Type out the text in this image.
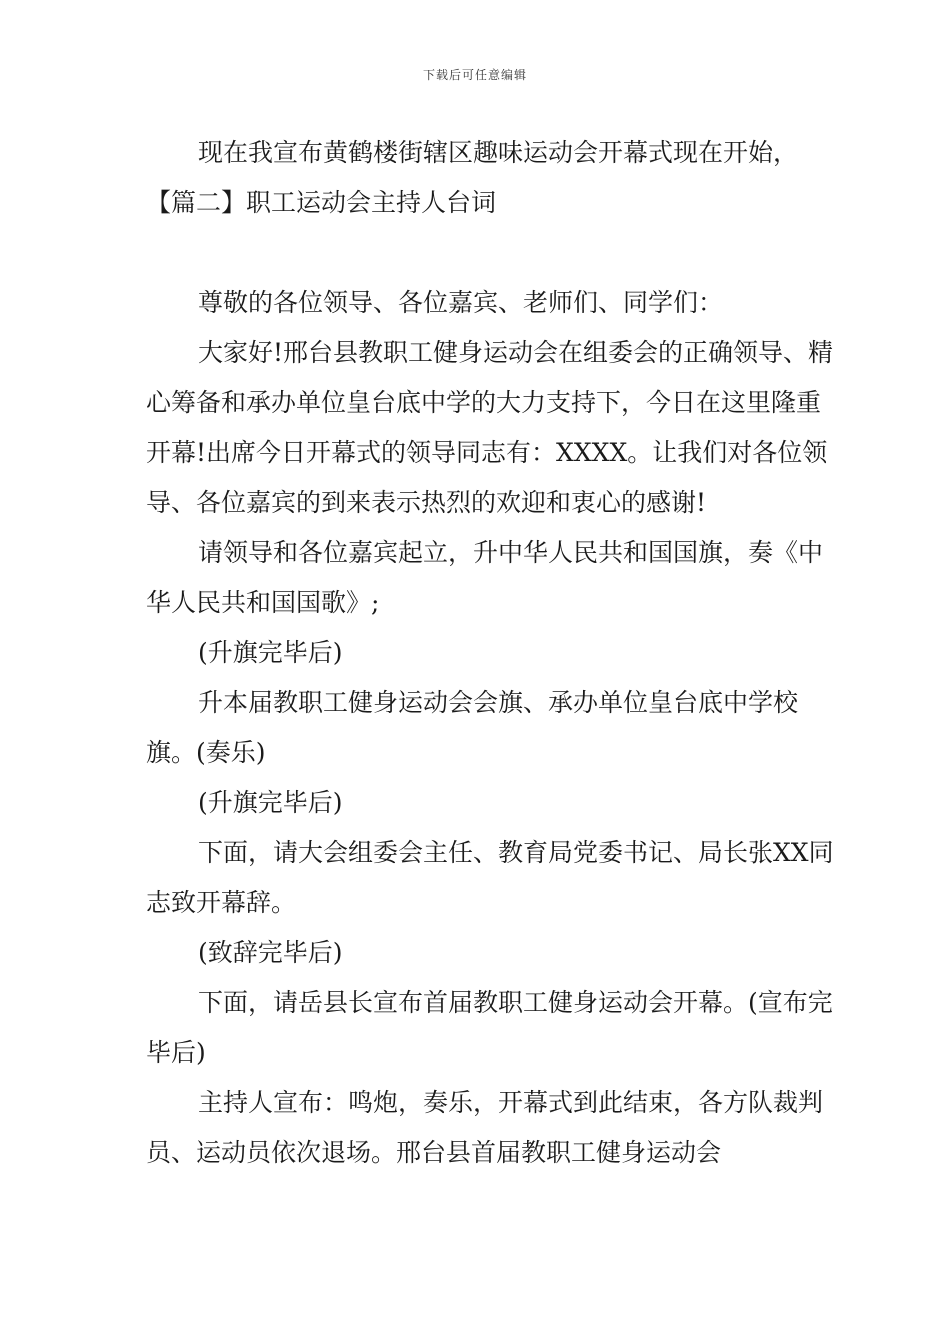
下载后可任意编辑

现在我宣布黄鹤楼街辖区趣味运动会开幕式现在开始，

【篇二】职工运动会主持人台词

尊敬的各位领导、各位嘉宾、老师们、同学们：

大家好!邢台县教职工健身运动会在组委会的正确领导、精心筹备和承办单位皇台底中学的大力支持下，今日在这里隆重开幕!出席今日开幕式的领导同志有：XXXX。让我们对各位领导、各位嘉宾的到来表示热烈的欢迎和衷心的感谢!

请领导和各位嘉宾起立，升中华人民共和国国旗，奏《中华人民共和国国歌》;

(升旗完毕后)

升本届教职工健身运动会会旗、承办单位皇台底中学校旗。(奏乐)

(升旗完毕后)

下面，请大会组委会主任、教育局党委书记、局长张XX同志致开幕辞。

(致辞完毕后)

下面，请岳县长宣布首届教职工健身运动会开幕。(宣布完毕后)

主持人宣布：鸣炮，奏乐，开幕式到此结束，各方队裁判员、运动员依次退场。邢台县首届教职工健身运动会
